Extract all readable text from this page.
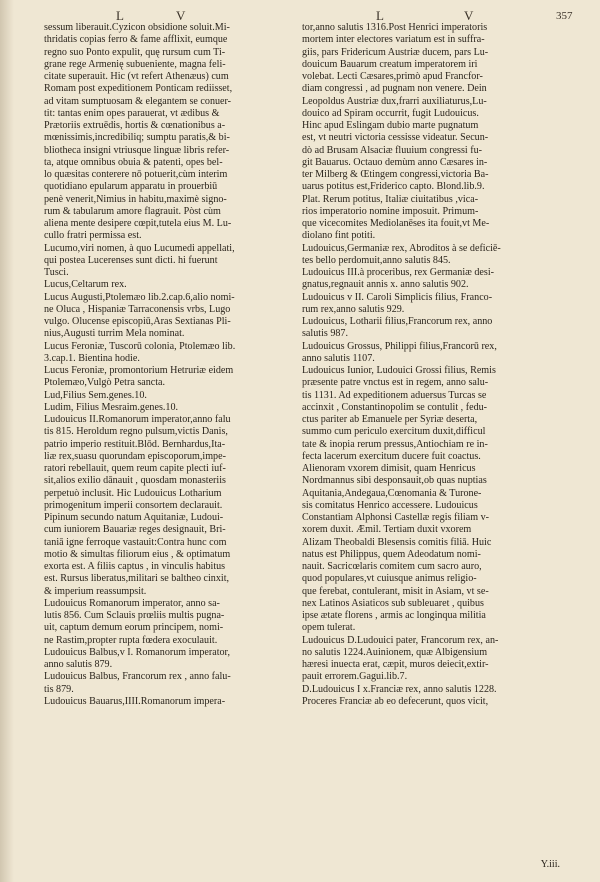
L	V	L	V	357
sessum liberauit.Cyzicon obsidione soluit.Mi-
thridatis copias ferro & fame afflixit, eumque
regno suo Ponto expulit, quę rursum cum Ti-
grane rege Armenię subueniente, magna feli-
citate superauit. Hic (vt refert Athenæus) cum
Romam post expeditionem Ponticam rediisset,
ad vitam sumptuosam & elegantem se conuer-
tit: tantas enim opes parauerat, vt ædibus &
Prætoriis extruēdis, hortis & cœnationibus a-
mœnissimis,incredibiliq; sumptu paratis,& bi-
bliotheca insigni vtriusque linguæ libris refer-
ta, atque omnibus obuia & patenti, opes bel-
lo quæsitas conterere nō potuerit,cùm interim
quotidiano epularum apparatu in prouerbiū
penè venerit,Nimius in habitu,maximè signo-
rum & tabularum amore flagrauit. Pòst cùm
aliena mente desipere cœpit,tutela eius M. Lu-
cullo fratri permissa est.
Lucumo,viri nomen, à quo Lucumedi appellati,
qui postea Lucerenses sunt dicti. hi fuerunt
Tusci.
Lucus,Celtarum rex.
Lucus Augusti,Ptolemæo lib.2.cap.6,alio nomi-
ne Oluca , Hispaniæ Tarraconensis vrbs, Lugo
vulgo. Olucense episcopiū,Aras Sextianas Pli-
nius,Augusti turrim Mela nominat.
Lucus Feroniæ, Tuscorū colonia, Ptolemæo lib.
3.cap.1. Bientina hodie.
Lucus Feroniæ, promontorium Hetruriæ eidem
Ptolemæo,Vulgò Petra sancta.
Lud,Filius Sem.genes.10.
Ludim, Filius Mesraim.genes.10.
Ludouicus II.Romanorum imperator,anno falu
tis 815. Heroldum regno pulsum,victis Danis,
patrio imperio restituit.Blōd. Bernhardus,Ita-
liæ rex,suasu quorundam episcoporum,impe-
ratori rebellauit, quem reum capite plecti iuf-
sit,alios exilio dānauit , quosdam monasteriis
perpetuò inclusit. Hic Ludouicus Lotharium
primogenitum imperii consortem declarauit.
Pipinum secundo natum Aquitaniæ, Ludoui-
cum iuniorem Bauariæ reges designauit, Bri-
taniā igne ferroque vastauit:Contra hunc com
motio & simultas filiorum eius , & optimatum
exorta est. A filiis captus , in vinculis habitus
est. Rursus liberatus,militari se baltheo cinxit,
& imperium reassumpsit.
Ludouicus Romanorum imperator, anno sa-
lutis 856. Cum Sclauis prœliis multis pugna-
uit, captum demum eorum principem, nomi-
ne Rastim,propter rupta fœdera exoculauit.
Ludouicus Balbus,v I. Romanorum imperator,
anno salutis 879.
Ludouicus Balbus, Francorum rex , anno falu-
tis 879.
Ludouicus Bauarus,IIII.Romanorum impera-
tor,anno salutis 1316.Post Henrici imperatoris
mortem inter electores variatum est in suffra-
giis, pars Fridericum Austriæ ducem, pars Lu-
douicum Bauarum creatum imperatorem iri
volebat. Lecti Cæsares,primò apud Francfor-
diam congressi , ad pugnam non venere. Dein
Leopoldus Austriæ dux,frarri auxiliaturus,Lu-
douico ad Spiram occurrit, fugit Ludouicus.
Hinc apud Eslingam dubio marte pugnatum
est, vt neutri victoria cessisse videatur. Secun-
dò ad Brusam Alsaciæ fluuium congressi fu-
git Bauarus. Octauo demùm anno Cæsares in-
ter Milberg & Œtingem congressi,victoria Ba-
uarus potitus est,Friderico capto. Blond.lib.9.
Plat. Rerum potitus, Italiæ ciuitatibus ,vica-
rios imperatorio nomine imposuit. Primum-
que vicecomites Mediolanēses ita fouit,vt Me-
diolano fint potiti.
Ludouicus,Germaniæ rex, Abroditos à se deficiē-
tes bello perdomuit,anno salutis 845.
Ludouicus III.à proceribus, rex Germaniæ desi-
gnatus,regnauit annis x. anno salutis 902.
Ludouicus v II. Caroli Simplicis filius, Franco-
rum rex,anno salutis 929.
Ludouicus, Lotharii filius,Francorum rex, anno
salutis 987.
Ludouicus Grossus, Philippi filius,Francorū rex,
anno salutis 1107.
Ludouicus Iunior, Ludouici Grossi filius, Remis
præsente patre vnctus est in regem, anno salu-
tis 1131. Ad expeditionem aduersus Turcas se
accinxit , Constantinopolim se contulit , fedu-
ctus pariter ab Emanuele per Syriæ deserta,
summo cum periculo exercitum duxit,difficul
tate & inopia rerum pressus,Antiochiam re in-
fecta lacerum exercitum ducere fuit coactus.
Alienoram vxorem dimisit, quam Henricus
Nordmannus sibi desponsauit,ob quas nuptias
Aquitania,Andegaua,Cœnomania & Turone-
sis comitatus Henrico accessere. Ludouicus
Constantiam Alphonsi Castellæ regis filiam v-
xorem duxit. Æmil. Tertiam duxit vxorem
Alizam Theobaldi Blesensis comitis filiā. Huic
natus est Philippus, quem Adeodatum nomi-
nauit. Sacricœlaris comitem cum sacro auro,
quod populares,vt cuiusque animus religio-
que ferebat, contulerant, misit in Asiam, vt se-
nex Latinos Asiaticos sub subleuaret , quibus
ipse ætate florens , armis ac longinqua militia
opem tulerat.
Ludouicus D.Ludouici pater, Francorum rex, an-
no salutis 1224.Auinionem, quæ Albigensium
hæresi inuecta erat, cæpit, muros deiecit,extir-
pauit errorem.Gagui.lib.7.
D.Ludouicus I x.Franciæ rex, anno salutis 1228.
Proceres Franciæ ab eo defecerunt, quos vicit,
Y.iii.
